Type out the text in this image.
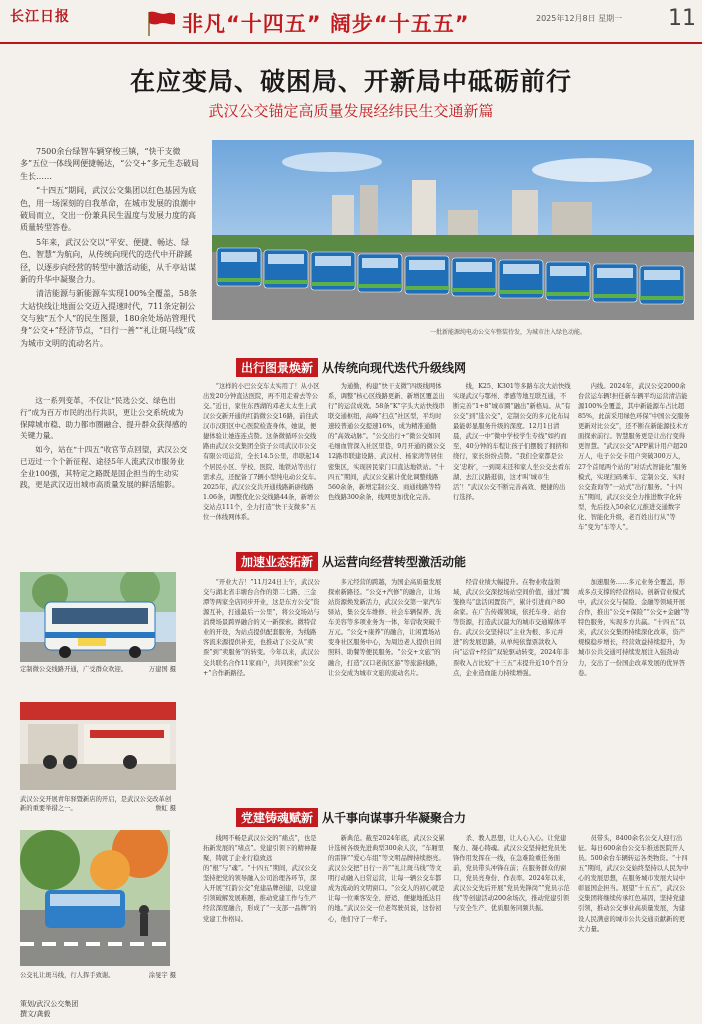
长江日报	非凡“十四五” 阔步“十五五”	2025年12月8日 星期一 11
在应变局、破困局、开新局中砥砺前行
武汉公交锚定高质量发展经纬民生交通新篇

7500余台绿智车辆穿梭三镇，“快干支微多”五位一体线网便捷畅达，“公交+”多元生态破局生长……

“十四五”期间，武汉公交集团以红色基因为底色，用一场深刻的自我革命，在城市发展的浪潮中破局而立，交出一份兼具民生温度与发展力度的高质量转型答卷。

5年来，武汉公交以“平安、便捷、畅达、绿色、智慧”为航向，从传统向现代的迭代中开辟蹊径，以逐步向经营的转型中激活动能，从千亭站谋新的升华中凝聚合力。

清洁能源与新能源车实现100%全覆盖，58条大站快线让地面公交迈入提速时代，711条定制公交与独“五个人”的民生图景，180余处场站管理代身“公交+”经济节点，“日行一善”“礼让斑马线”成为城市文明的流动名片。

一批新能源纯电动公交车整装待发，为城市注入绿色动能。
出行图景焕新 从传统向现代迭代升级线网

这一系列变革，不仅让“民选公交、绿色出行”成为百万市民的出行共识，更让公交系统成为保障城市稳、助力都市圈融合、提升群众获得感的关键力量。

如今，站在“十四五”收官节点回望，武汉公交已迈过一个个新征程、途径5年人流武汉市服务业全业100强，其特定之路既是国企担当的生动实践，更是武汉迈出城市高质量发展的鲜活缩影。

“这样的小巴公交车太实用了！从小区出发20分钟直达医院，再不用走着去等公交。”近日，家住东西湖的邓老太太坐上武汉公交新开通的红韵微公交16路，前往武汉市汉阳区中心医院检查身体，她说，便捷体验让她连连点赞。这条微循环公交线路由武汉公交集团全资子公司武汉市公交有限公司运营，全长14.5公里，串联起14个居民小区、学校、医院、地铁站等出行需求点，还配备了7辆小型纯电动公交车。2025年，武汉公交共开通线路新辟线路1.06条，调整优化公交线路44条，新增公交站点111个，全力打造“快干支微多”五位一体线网体系。

为通勤，构建“快干支微”四级线网体系，调整“核心区线路更新、新增区覆盖出行”的运营成效。58条“K”字头大站快线串联交通枢纽，高峰“扫点”社区型，平均时速较普通公交提速16%，成为精准通勤的“高效动脉”。“公交出行+”微公交如同毛细血管深入社区里巷，9月开通的微公交12路串联建设路、武汉村、杨家湾等居住密集区，实现居民家门口直达地铁站。“十四五”期间，武汉公交累计优化调整线路560余条，新增定制公交、商通线路等特色线路300余条，线网更加优化完善。

线，K25、K301等多路车次大站快线实现武汉与鄂州、孝感等地互联互通，不断完善“1+8”城市圈“融出”新格局。从“有公交”到“选公交”，定制公交的多元化布局最能彰显服务升级的深度。12月1日清晨，武汉一中“微中学校学生专线”如约而至，40分钟的车程让孩子们摆脱了拥挤和绕行，家长纷纷点赞。“我们全家都是公交‘忠粉’，一到周末还和家人坐公交去看东湖、去江汉路逛街，这才叫‘城市生活’！”武汉公交不断完善高效、便捷的出行选择。

内线。2024年，武汉公交2000余台营运车辆!担任新车辆平均运营清洁能源100%全覆盖，其中新能源车占比超85%，此前采用绿色环保“中国公交服务更新对比公交”，还不断在新能源技术方面探索前行。智慧服务更是让出行变得更智慧。“武汉公交”APP累计用户超20万人，电子公交卡用户突破300万人，27个首尾两个站的“对话式智能化”服务模式，实现扫码乘车、定制公交、实时公交查询等“一站式”出行服务。“十四五”期间，武汉公交全力推进数字化转型，先后投入50余亿元推进交通数字化、智能化升级，老百姓出行从“等车”变为“车等人”。

定制微公交线路开通，广受群众欢迎。	万建国 摄
武汉公交开展青年驿暨新店的开启，是武汉公交改革创新的重要举措之一。	詹虹 摄
公交礼让斑马线，行人挥手致谢。	涂旻宇 摄
加速业态拓新 从运营向经营转型激活动能

“开业大吉！”11月24日上午，武汉公交与湖北省丰塘台合作的第二七路、三金潭等两家全店同步开业，这是东方公交“资源互补，打通最后一公里”，将公交场站与消费场景跨界融合的又一新探索。微特营业的开设，为站点提供配套服务，为线路客流来源提供补充，也推动了公交从“卖票”到“卖服务”的转变。今年以来，武汉公交共联名合作11家商户，共同探索“公交+”合作新路径。

多元经营的跨越，为国企高质量发展探索新路径。“公交+汽修”的融合，让场站资源焕发新活力，武汉公交第一家汽车驿站，集公交车维修、社会车辆保养、洗车美容等多项业务为一体，年营收突破千万元。“公交+康养”的融合，让闲置场站变身社区服务中心，为周边老人提供日间照料、助餐等便民服务。“公交+文旅”的融合，打造“汉口老街区游”等旅游线路，让公交成为城市文旅的流动名片。

经营业绩大幅提升。在物业收益领域，武汉公交深挖场站空间价值，通过“腾笼换鸟”盘活闲置资产，累计引进商户80余家。在广告传媒领域，依托车身、站台等资源，打造武汉最大的城市交通媒体平台。武汉公交坚持以“主业为根、多元并进”的发展思路，从单纯依靠票款收入向“运营+经营”双轮驱动转变，2024年非票收入占比较“十三五”末提升近10个百分点，企业造血能力持续增强。

加速服务……多元业务全覆盖，形成多点支撑的经营格局。创新营业模式中，武汉公交与保险、金融等领域开展合作，推出“公交+保险”“公交+金融”等特色服务，实现多方共赢。“十四五”以来，武汉公交集团持续深化改革，资产规模稳步增长，经营效益持续提升，为城市公共交通可持续发展注入强劲动力，交出了一份国企改革发展的优异答卷。

党建铸魂赋新 从千事向谋事升华凝聚合力

线网不畅是武汉公交的“痛点”，也是拓新发展的“堵点”。党建引领下的精神凝聚，铸就了企业行稳致远的“根”与“魂”。“十四五”期间，武汉公交坚持把党的领导融入公司治理各环节，深入开展“红韵公交”党建品牌创建，以党建引领破解发展难题，推动党建工作与生产经营深度融合，形成了“一支部一品牌”的党建工作格局。

新典范。截至2024年底，武汉公交累计选树各级先进典型300余人次，“车厢里的雷锋”“爱心车组”等文明品牌持续擦亮。武汉公交把“日行一善”“礼让斑马线”等文明行动融入日常运营，让每一辆公交车都成为流动的文明窗口。“公交人的初心就是让每一位乘客安全、舒适、便捷地抵达目的地。”武汉公交一位老驾驶员说，这份初心，他们守了一辈子。

杀、教人思想，让人心入心。让党建聚力、凝心铸魂。武汉公交坚持把党员先锋作用发挥在一线，在急难险重任务面前，党员带头冲锋在前；在服务群众的窗口，党员亮身份、作表率。2024年以来，武汉公交先后开展“党员先锋岗”“党员示范线”等创建活动200余场次，推动党建引领与安全生产、优质服务同频共振。

员带头，8400余名公交人迎行出征。每日600余台公交车推送医院开人员。500余台车辆转运各类物资。“十四五”期间，武汉公交始终坚持以人民为中心的发展思想，在服务城市发展大局中彰显国企担当。展望“十五五”，武汉公交集团将继续传承红色基因，坚持党建引领，推动公交事业高质量发展，为建设人民满意的城市公共交通贡献新的更大力量。

策划/武汉公交集团
撰文/龚毅
